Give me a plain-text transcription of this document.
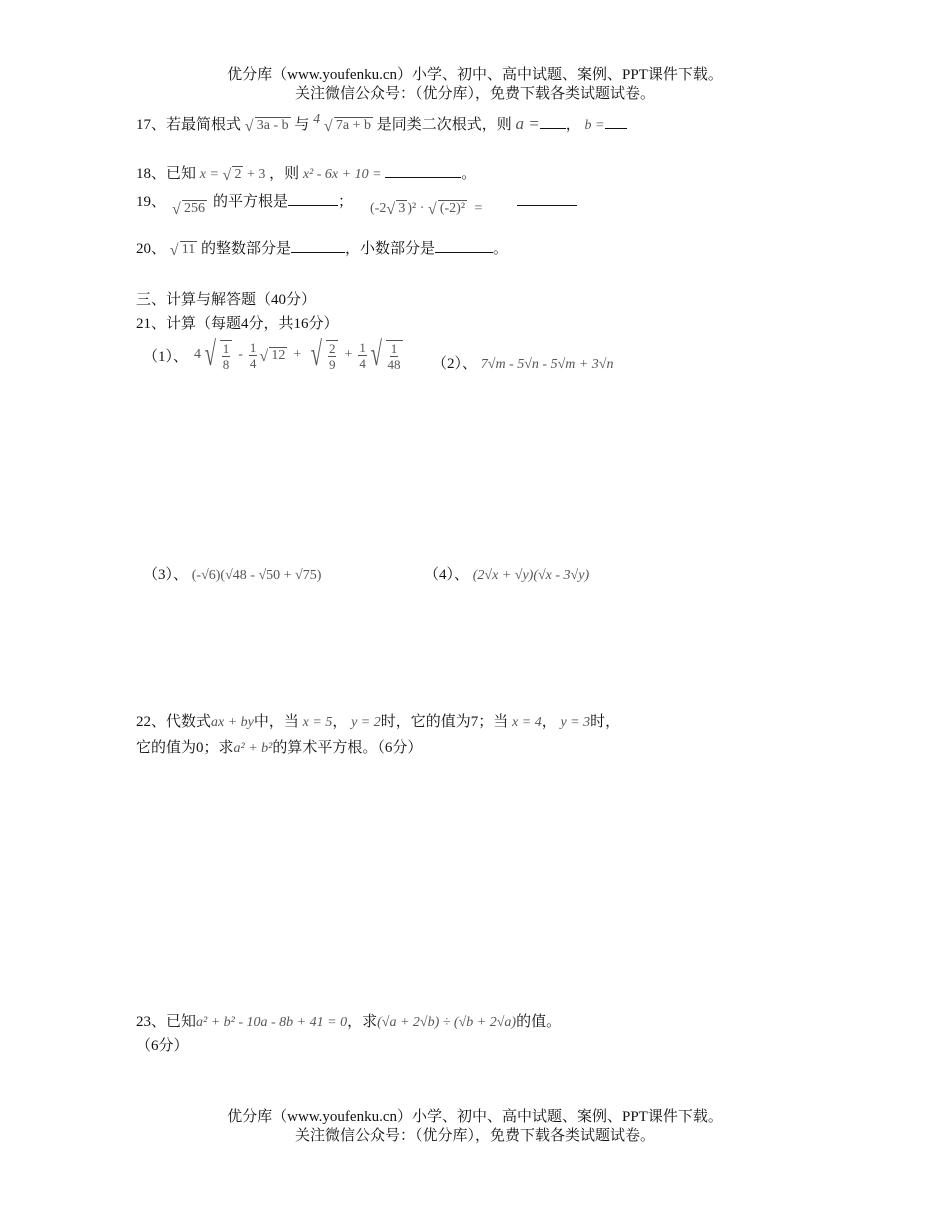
优分库（www.youfenku.cn）小学、初中、高中试题、案例、PPT课件下载。
关注微信公众号：（优分库），免费下载各类试题试卷。
17、若最简根式 √ 3a - b 与 $^4$ √ 7a + b 是同类二次根式，则 a = ， b =
18、已知 x = √ 2 + 3 ，则 x² - 6x + 10 =	。
19、 √ 256 的平方根是	； (-2 √ 3 )² · √ (-2)² =
20、 √ 11 的整数部分是	，小数部分是	。
三、计算与解答题（40分）
21、计算（每题4分，共16分）
（1）、 4 √ $\frac{1}{8} - \frac{1}{4}$ √ 12 + √ $\frac{2}{9} + \frac{1}{4}$ √ $\frac{1}{48} (2)$、 7√m - 5√n - 5√m + 3√n
（3）、 (-√6)(√48 - √50 + √75)	（4）、 (2√x + √y)(√x - 3√y)
22、代数式ax + by中，当 x = 5， y = 2时，它的值为7；当 x = 4， y = 3时，
它的值为0；求a² + b²的算术平方根。（6分）
23、已知a² + b² - 10a - 8b + 41 = 0，求(√a + 2√b) ÷ (√b + 2√a)的值。
（6分）
优分库（www.youfenku.cn）小学、初中、高中试题、案例、PPT课件下载。
关注微信公众号：（优分库），免费下载各类试题试卷。
